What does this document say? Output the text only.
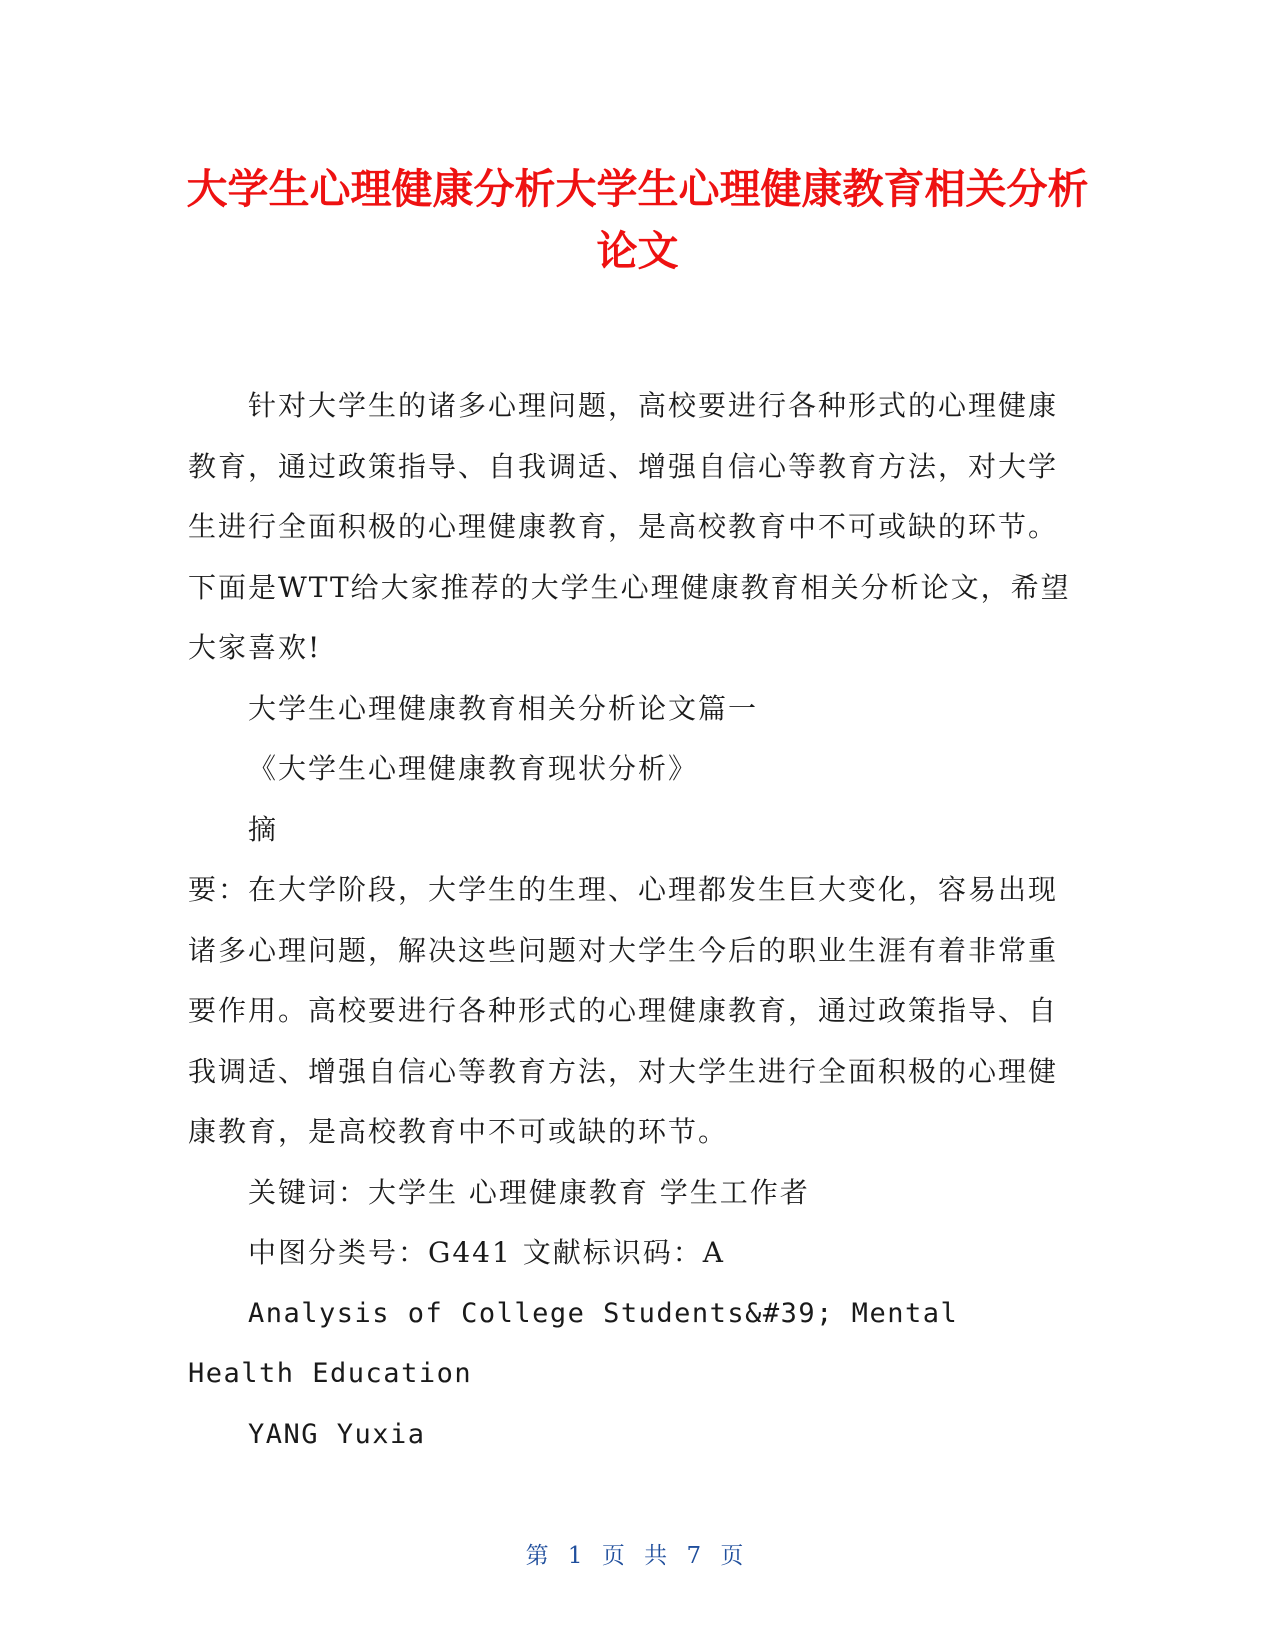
大学生心理健康分析大学生心理健康教育相关分析论文

针对大学生的诸多心理问题，高校要进行各种形式的心理健康教育，通过政策指导、自我调适、增强自信心等教育方法，对大学生进行全面积极的心理健康教育，是高校教育中不可或缺的环节。下面是WTT给大家推荐的大学生心理健康教育相关分析论文，希望大家喜欢!

大学生心理健康教育相关分析论文篇一

《大学生心理健康教育现状分析》

摘

要：在大学阶段，大学生的生理、心理都发生巨大变化，容易出现诸多心理问题，解决这些问题对大学生今后的职业生涯有着非常重要作用。高校要进行各种形式的心理健康教育，通过政策指导、自我调适、增强自信心等教育方法，对大学生进行全面积极的心理健康教育，是高校教育中不可或缺的环节。

关键词：大学生 心理健康教育 学生工作者

中图分类号：G441 文献标识码：A

Analysis of College Students&#39; Mental Health Education

YANG Yuxia

第 1 页 共 7 页
